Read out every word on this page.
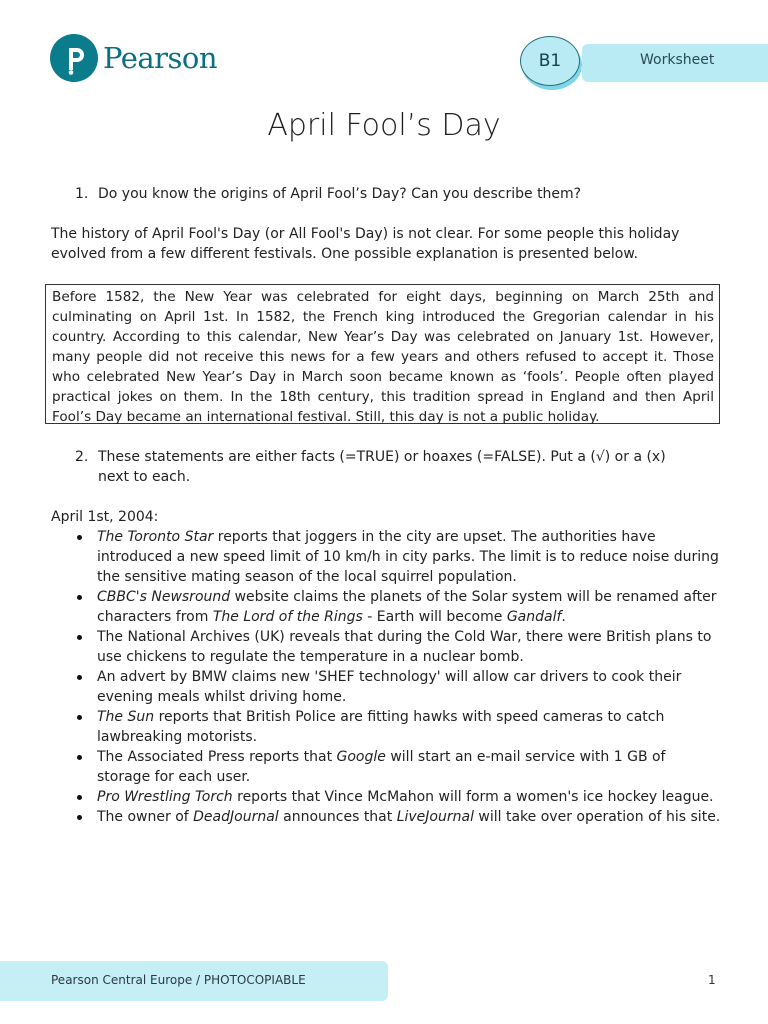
Pearson	Worksheet
B1
April Fool’s Day
1. Do you know the origins of April Fool’s Day? Can you describe them?
The history of April Fool's Day (or All Fool's Day) is not clear. For some people this holiday evolved from a few different festivals. One possible explanation is presented below.
Before 1582, the New Year was celebrated for eight days, beginning on March 25th and culminating on April 1st. In 1582, the French king introduced the Gregorian calendar in his country. According to this calendar, New Year’s Day was celebrated on January 1st. However, many people did not receive this news for a few years and others refused to accept it. Those who celebrated New Year’s Day in March soon became known as ‘fools’. People often played practical jokes on them. In the 18th century, this tradition spread in England and then April Fool’s Day became an international festival. Still, this day is not a public holiday.
2. These statements are either facts (=TRUE) or hoaxes (=FALSE). Put a (√) or a (x) next to each.
April 1st, 2004:
The Toronto Star reports that joggers in the city are upset. The authorities have introduced a new speed limit of 10 km/h in city parks. The limit is to reduce noise during the sensitive mating season of the local squirrel population.
CBBC's Newsround website claims the planets of the Solar system will be renamed after characters from The Lord of the Rings - Earth will become Gandalf.
The National Archives (UK) reveals that during the Cold War, there were British plans to use chickens to regulate the temperature in a nuclear bomb.
An advert by BMW claims new 'SHEF technology' will allow car drivers to cook their evening meals whilst driving home.
The Sun reports that British Police are fitting hawks with speed cameras to catch lawbreaking motorists.
The Associated Press reports that Google will start an e-mail service with 1 GB of storage for each user.
Pro Wrestling Torch reports that Vince McMahon will form a women's ice hockey league.
The owner of DeadJournal announces that LiveJournal will take over operation of his site.
Pearson Central Europe / PHOTOCOPIABLE	1
